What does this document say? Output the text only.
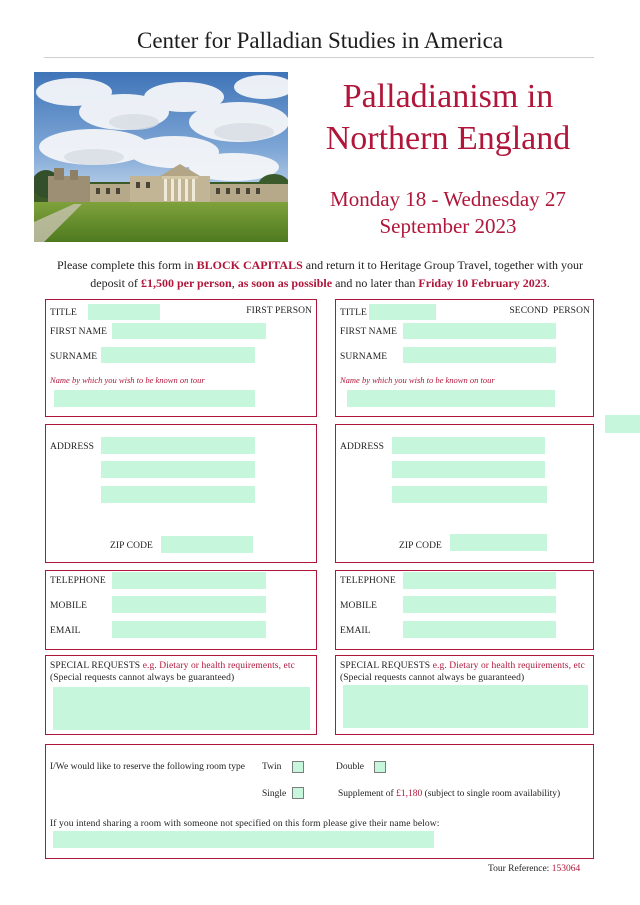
Center for Palladian Studies in America
Palladianism in
Northern England
Monday 18 - Wednesday 27
September 2023
Please complete this form in BLOCK CAPITALS and return it to Heritage Group Travel, together with your deposit of £1,500 per person, as soon as possible and no later than Friday 10 February 2023.
TITLE	FIRST PERSON
FIRST NAME
SURNAME
Name by which you wish to be known on tour
ADDRESS
ZIP CODE
TELEPHONE
MOBILE
EMAIL
SPECIAL REQUESTS e.g. Dietary or health requirements, etc
(Special requests cannot always be guaranteed)
TITLE	SECOND  PERSON
FIRST NAME
SURNAME
Name by which you wish to be known on tour
ADDRESS
ZIP CODE
TELEPHONE
MOBILE
EMAIL
SPECIAL REQUESTS e.g. Dietary or health requirements, etc
(Special requests cannot always be guaranteed)
I/We would like to reserve the following room type Twin	Double
Single	Supplement of £1,180 (subject to single room availability)
If you intend sharing a room with someone not specified on this form please give their name below:
Tour Reference: 153064
